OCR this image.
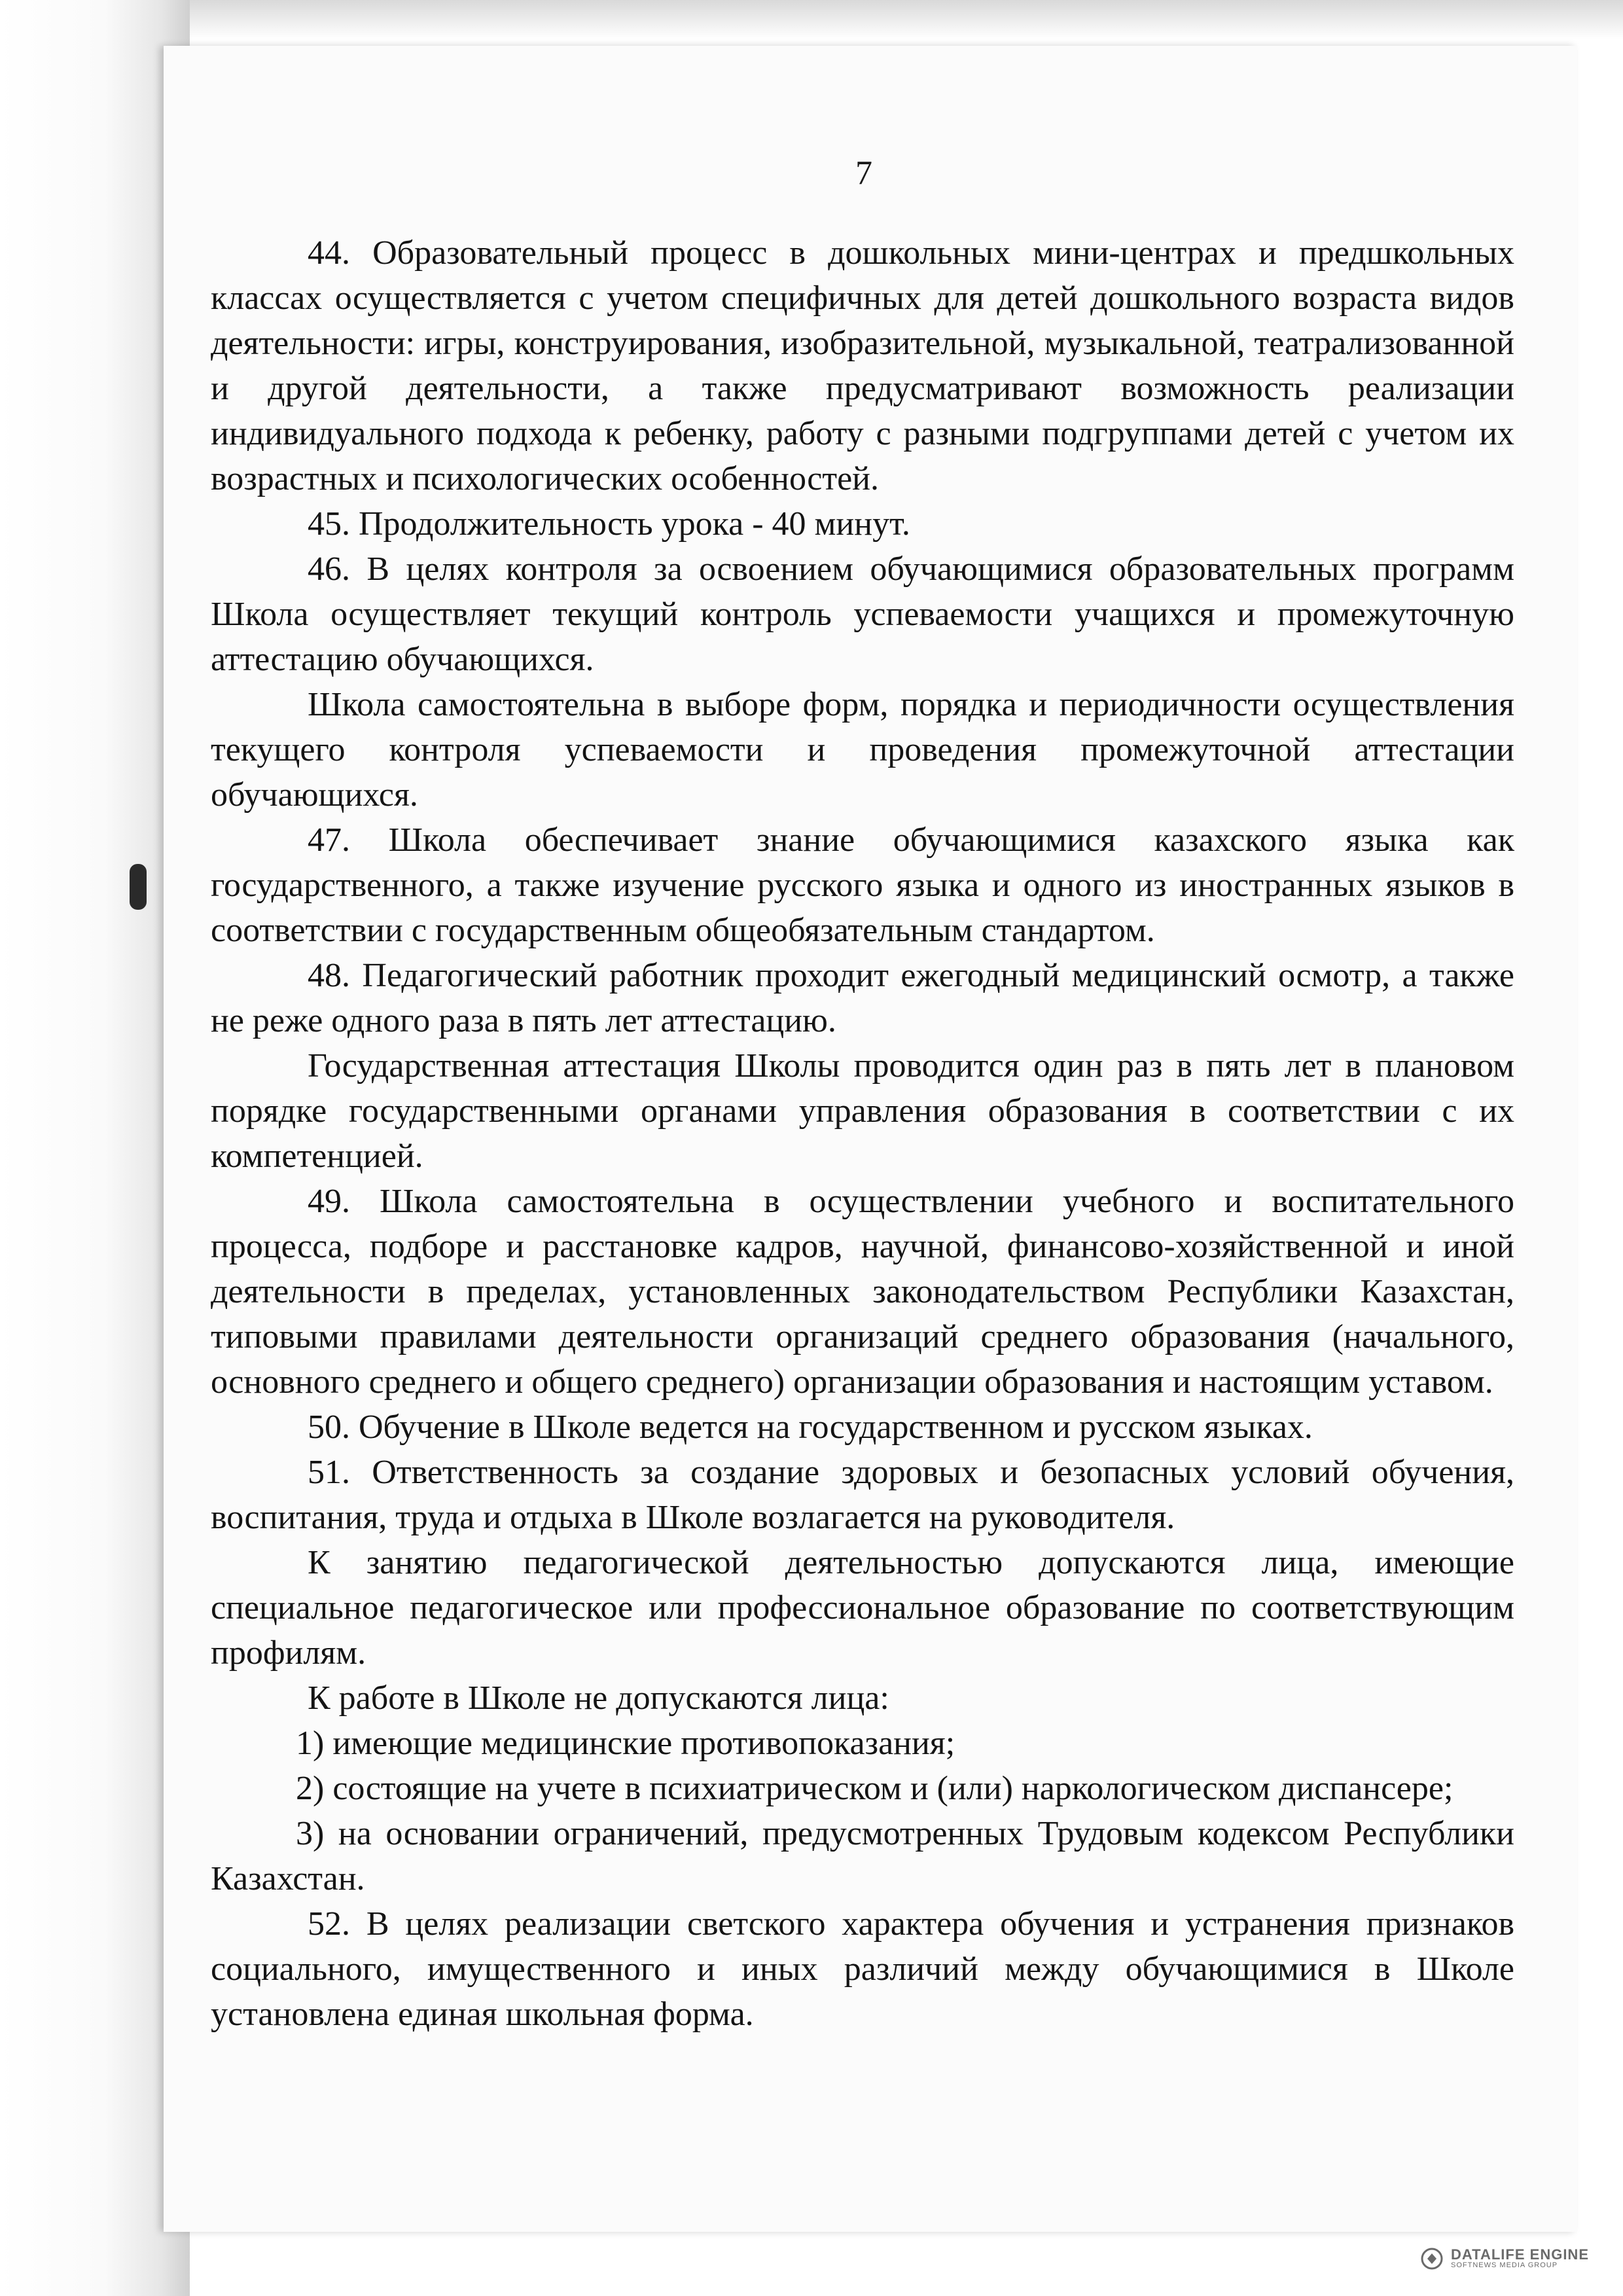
7

44. Образовательный процесс в дошкольных мини-центрах и предшкольных классах осуществляется с учетом специфичных для детей дошкольного возраста видов деятельности: игры, конструирования, изобразительной, музыкальной, театрализованной и другой деятельности, а также предусматривают возможность реализации индивидуального подхода к ребенку, работу с разными подгруппами детей с учетом их возрастных и психологических особенностей.

45. Продолжительность урока - 40 минут.

46. В целях контроля за освоением обучающимися образовательных программ Школа осуществляет текущий контроль успеваемости учащихся и промежуточную аттестацию обучающихся.

Школа самостоятельна в выборе форм, порядка и периодичности осуществления текущего контроля успеваемости и проведения промежуточной аттестации обучающихся.

47. Школа обеспечивает знание обучающимися казахского языка как государственного, а также изучение русского языка и одного из иностранных языков в соответствии с государственным общеобязательным стандартом.

48. Педагогический работник проходит ежегодный медицинский осмотр, а также не реже одного раза в пять лет аттестацию.

Государственная аттестация Школы проводится один раз в пять лет в плановом порядке государственными органами управления образования в соответствии с их компетенцией.

49. Школа самостоятельна в осуществлении учебного и воспитательного процесса, подборе и расстановке кадров, научной, финансово-хозяйственной и иной деятельности в пределах, установленных законодательством Республики Казахстан, типовыми правилами деятельности организаций среднего образования (начального, основного среднего и общего среднего) организации образования и настоящим уставом.

50. Обучение в Школе ведется на государственном и русском языках.

51. Ответственность за создание здоровых и безопасных условий обучения, воспитания, труда и отдыха в Школе возлагается на руководителя.

К занятию педагогической деятельностью допускаются лица, имеющие специальное педагогическое или профессиональное образование по соответствующим профилям.

К работе в Школе не допускаются лица:

1) имеющие медицинские противопоказания;

2) состоящие на учете в психиатрическом и (или) наркологическом диспансере;

3) на основании ограничений, предусмотренных Трудовым кодексом Республики Казахстан.

52. В целях реализации светского характера обучения и устранения признаков социального, имущественного и иных различий между обучающимися в Школе установлена единая школьная форма.

DATALIFE ENGINE
SOFTNEWS MEDIA GROUP
